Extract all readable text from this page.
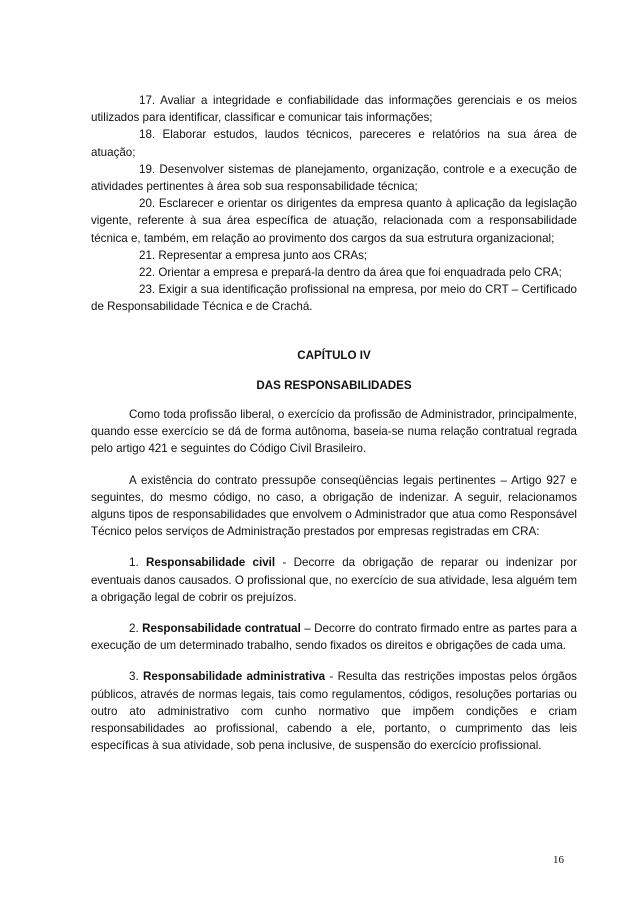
17. Avaliar a integridade e confiabilidade das informações gerenciais e os meios utilizados para identificar, classificar e comunicar tais informações;

18. Elaborar estudos, laudos técnicos, pareceres e relatórios na sua área de atuação;

19. Desenvolver sistemas de planejamento, organização, controle e a execução de atividades pertinentes à área sob sua responsabilidade técnica;

20. Esclarecer e orientar os dirigentes da empresa quanto à aplicação da legislação vigente, referente à sua área específica de atuação, relacionada com a responsabilidade técnica e, também, em relação ao provimento dos cargos da sua estrutura organizacional;

21. Representar a empresa junto aos CRAs;

22. Orientar a empresa e prepará-la dentro da área que foi enquadrada pelo CRA;

23. Exigir a sua identificação profissional na empresa, por meio do CRT – Certificado de Responsabilidade Técnica e de Crachá.

CAPÍTULO IV

DAS RESPONSABILIDADES

Como toda profissão liberal, o exercício da profissão de Administrador, principalmente, quando esse exercício se dá de forma autônoma, baseia-se numa relação contratual regrada pelo artigo 421 e seguintes do Código Civil Brasileiro.

A existência do contrato pressupõe conseqüências legais pertinentes – Artigo 927 e seguintes, do mesmo código, no caso, a obrigação de indenizar. A seguir, relacionamos alguns tipos de responsabilidades que envolvem o Administrador que atua como Responsável Técnico pelos serviços de Administração prestados por empresas registradas em CRA:

1. Responsabilidade civil - Decorre da obrigação de reparar ou indenizar por eventuais danos causados. O profissional que, no exercício de sua atividade, lesa alguém tem a obrigação legal de cobrir os prejuízos.

2. Responsabilidade contratual – Decorre do contrato firmado entre as partes para a execução de um determinado trabalho, sendo fixados os direitos e obrigações de cada uma.

3. Responsabilidade administrativa - Resulta das restrições impostas pelos órgãos públicos, através de normas legais, tais como regulamentos, códigos, resoluções portarias ou outro ato administrativo com cunho normativo que impõem condições e criam responsabilidades ao profissional, cabendo a ele, portanto, o cumprimento das leis específicas à sua atividade, sob pena inclusive, de suspensão do exercício profissional.

16
